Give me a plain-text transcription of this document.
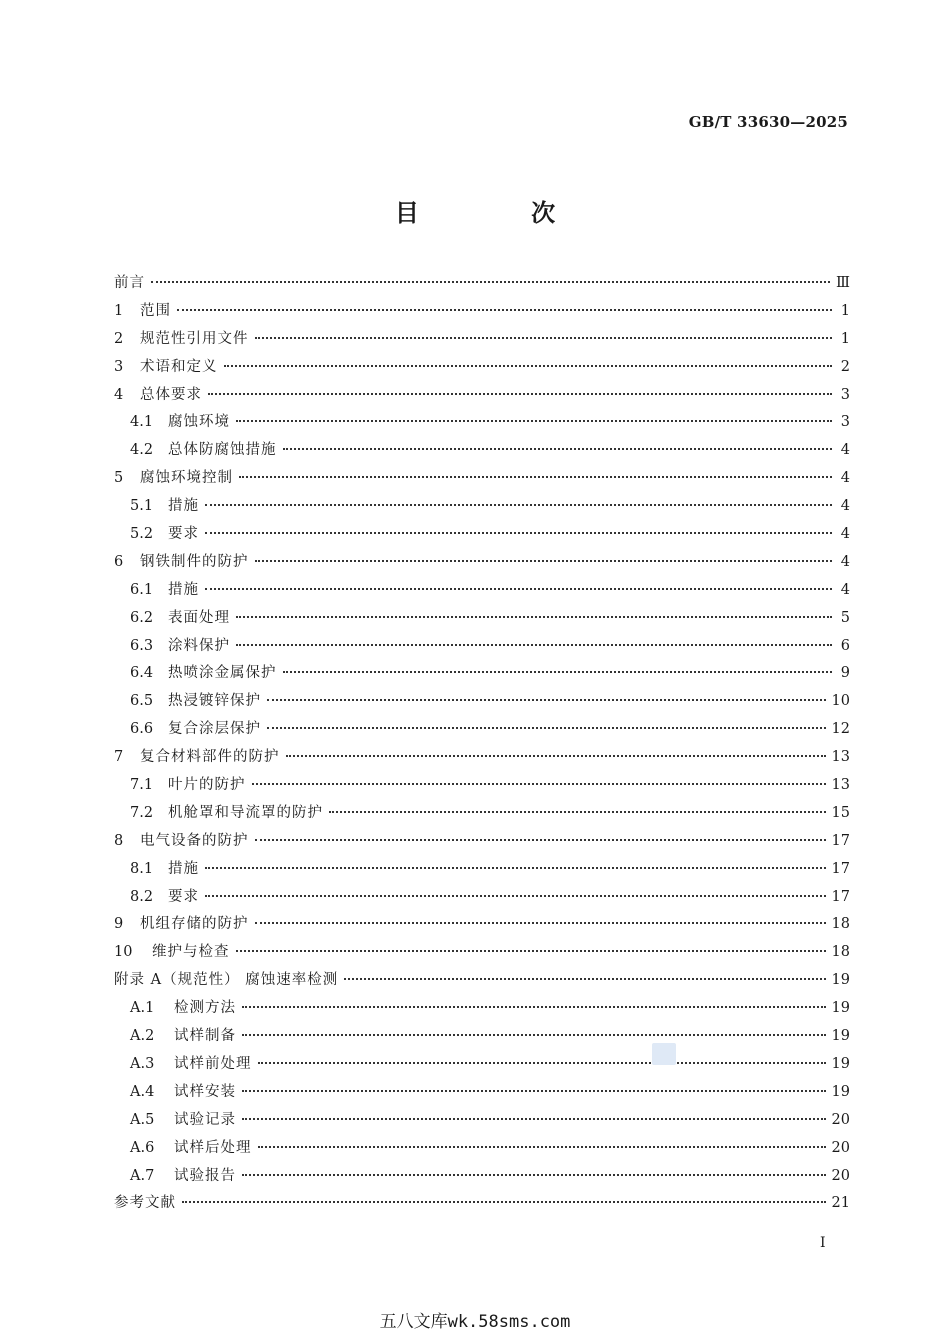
GB/T 33630—2025
目 次
前言	Ⅲ
1	范围	1
2	规范性引用文件	1
3	术语和定义	2
4	总体要求	3
4.1	腐蚀环境	3
4.2	总体防腐蚀措施	4
5	腐蚀环境控制	4
5.1	措施	4
5.2	要求	4
6	钢铁制件的防护	4
6.1	措施	4
6.2	表面处理	5
6.3	涂料保护	6
6.4	热喷涂金属保护	9
6.5	热浸镀锌保护	10
6.6	复合涂层保护	12
7	复合材料部件的防护	13
7.1	叶片的防护	13
7.2	机舱罩和导流罩的防护	15
8	电气设备的防护	17
8.1	措施	17
8.2	要求	17
9	机组存储的防护	18
10	维护与检查	18
附录 A（规范性） 腐蚀速率检测	19
A.1	检测方法	19
A.2	试样制备	19
A.3	试样前处理	19
A.4	试样安装	19
A.5	试验记录	20
A.6	试样后处理	20
A.7	试验报告	20
参考文献	21
I
五八文库wk.58sms.com
